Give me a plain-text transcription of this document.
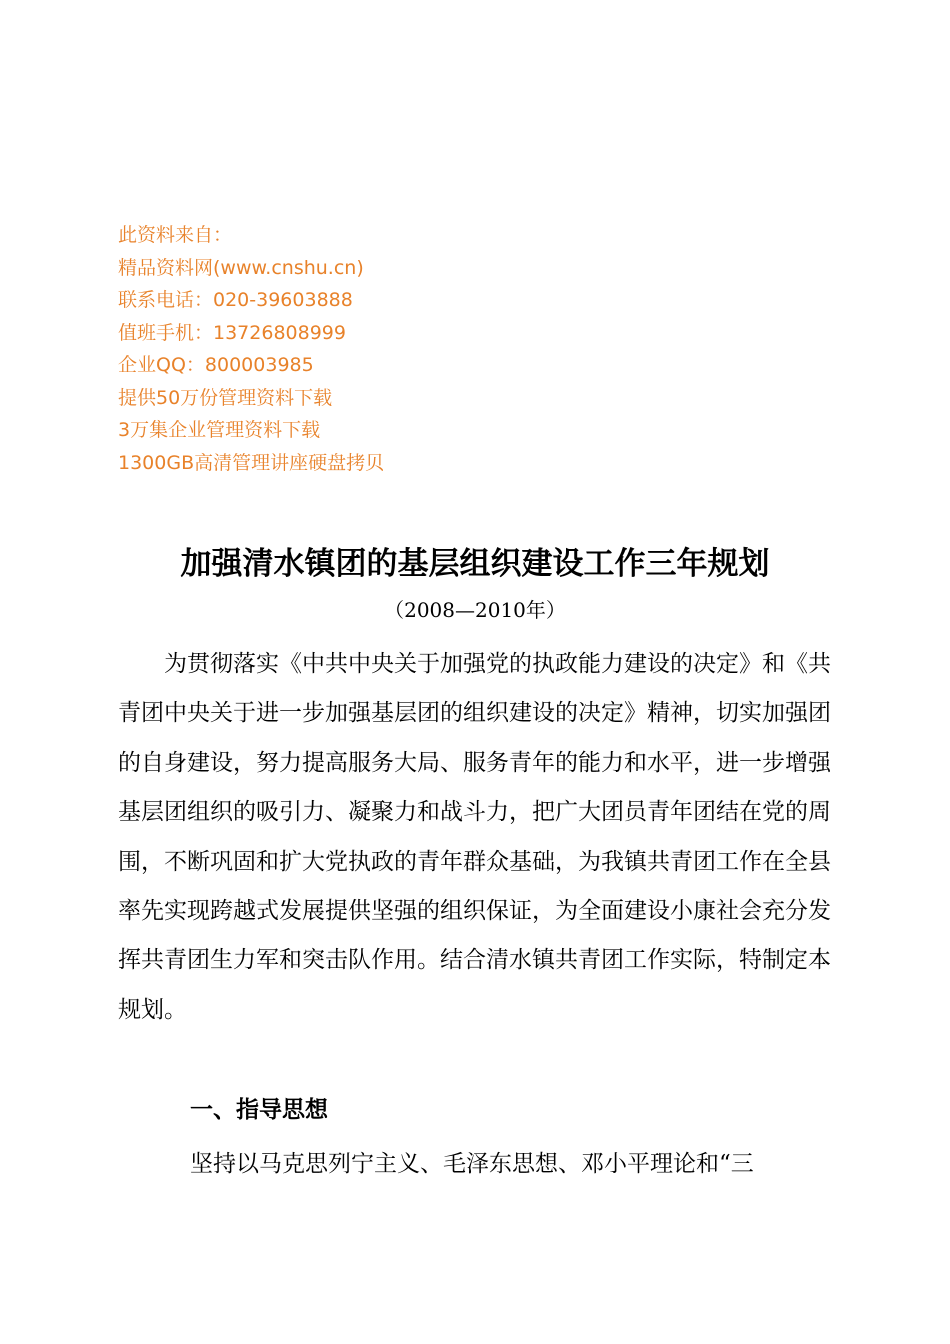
此资料来自：
精品资料网(www.cnshu.cn)
联系电话：020-39603888
值班手机：13726808999
企业QQ：800003985
提供50万份管理资料下载
3万集企业管理资料下载
1300GB高清管理讲座硬盘拷贝
加强清水镇团的基层组织建设工作三年规划
（2008—2010年）
为贯彻落实《中共中央关于加强党的执政能力建设的决定》和《共青团中央关于进一步加强基层团的组织建设的决定》精神，切实加强团的自身建设，努力提高服务大局、服务青年的能力和水平，进一步增强基层团组织的吸引力、凝聚力和战斗力，把广大团员青年团结在党的周围，不断巩固和扩大党执政的青年群众基础，为我镇共青团工作在全县率先实现跨越式发展提供坚强的组织保证，为全面建设小康社会充分发挥共青团生力军和突击队作用。结合清水镇共青团工作实际，特制定本规划。
一、指导思想
坚持以马克思列宁主义、毛泽东思想、邓小平理论和“三
